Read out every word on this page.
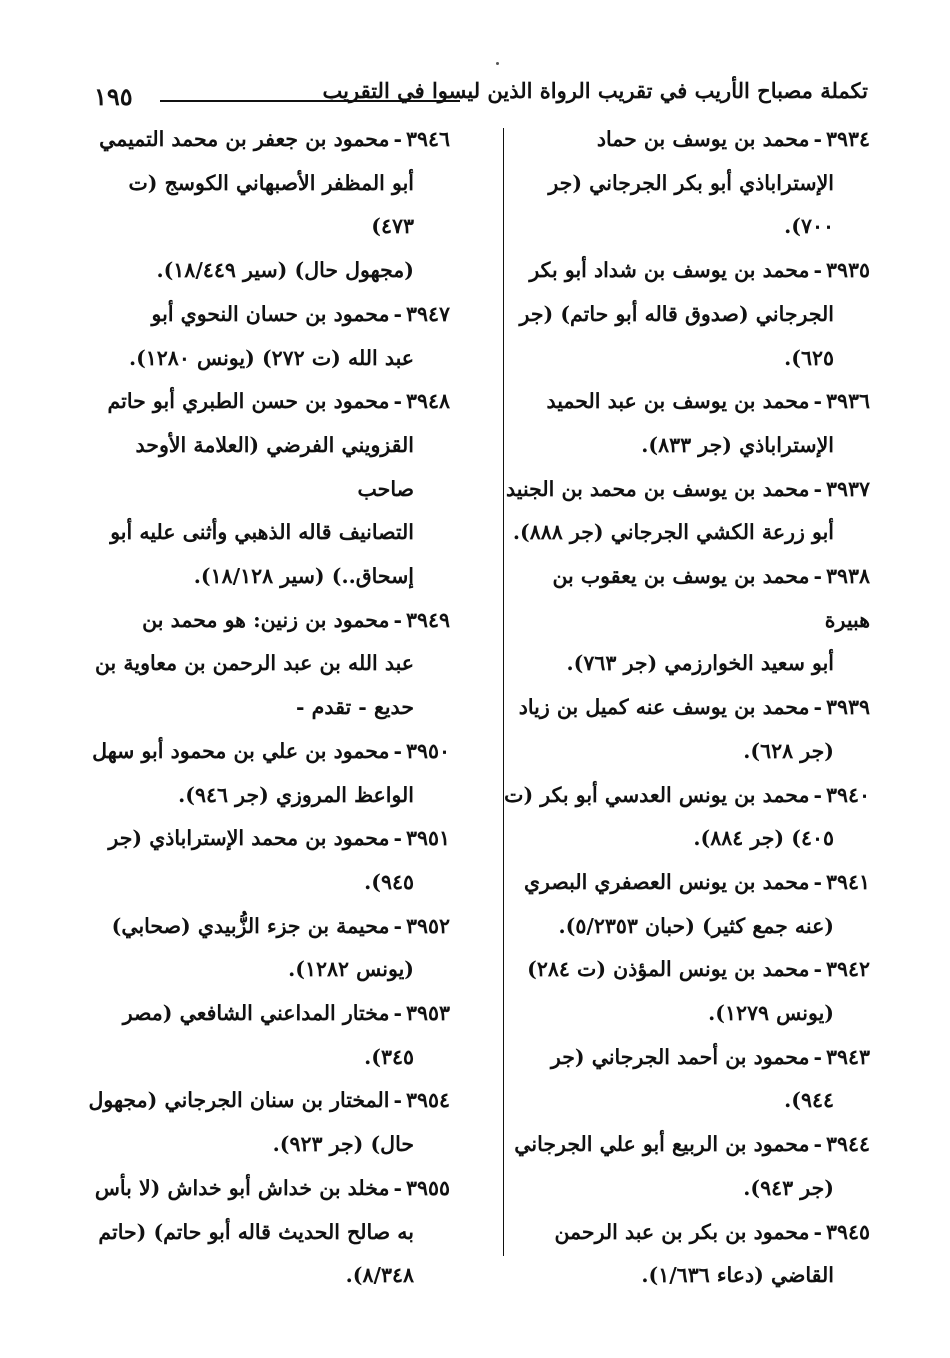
تكملة مصباح الأريب في تقريب الرواة الذين ليسوا في التقريب
١٩٥
٣٩٣٤-محمد بن يوسف بن حماد
الإستراباذي أبو بكر الجرجاني (جر ٧٠٠).
٣٩٣٥-محمد بن يوسف بن شداد أبو بكر
الجرجاني (صدوق قاله أبو حاتم) (جر
٦٢٥).
٣٩٣٦-محمد بن يوسف بن عبد الحميد
الإستراباذي (جر ٨٣٣).
٣٩٣٧-محمد بن يوسف بن محمد بن الجنيد
أبو زرعة الكشي الجرجاني (جر ٨٨٨).
٣٩٣٨-محمد بن يوسف بن يعقوب بن هبيرة
أبو سعيد الخوارزمي (جر ٧٦٣).
٣٩٣٩-محمد بن يوسف عنه كميل بن زياد
(جر ٦٢٨).
٣٩٤٠-محمد بن يونس العدسي أبو بكر (ت
٤٠٥) (جر ٨٨٤).
٣٩٤١-محمد بن يونس العصفري البصري
(عنه جمع كثير) (حبان ٥/٢٣٥٣).
٣٩٤٢-محمد بن يونس المؤذن (ت ٢٨٤)
(يونس ١٢٧٩).
٣٩٤٣-محمود بن أحمد الجرجاني (جر
٩٤٤).
٣٩٤٤-محمود بن الربيع أبو علي الجرجاني
(جر ٩٤٣).
٣٩٤٥-محمود بن بكر بن عبد الرحمن
القاضي (دعاء ١/٦٣٦).
٣٩٤٦-محمود بن جعفر بن محمد التميمي
أبو المظفر الأصبهاني الكوسج (ت ٤٧٣)
(مجهول حال) (سير ١٨/٤٤٩).
٣٩٤٧-محمود بن حسان النحوي أبو
عبد الله (ت ٢٧٢) (يونس ١٢٨٠).
٣٩٤٨-محمود بن حسن الطبري أبو حاتم
القزويني الفرضي (العلامة الأوحد صاحب
التصانيف قاله الذهبي وأثنى عليه أبو
إسحاق..) (سير ١٨/١٢٨).
٣٩٤٩-محمود بن زنين: هو محمد بن
عبد الله بن عبد الرحمن بن معاوية بن
حديع - تقدم -
٣٩٥٠-محمود بن علي بن محمود أبو سهل
الواعظ المروزي (جر ٩٤٦).
٣٩٥١-محمود بن محمد الإستراباذي (جر
٩٤٥).
٣٩٥٢-محيمة بن جزء الزُّبيدي (صحابي)
(يونس ١٢٨٢).
٣٩٥٣-مختار المداعني الشافعي (مصر
٣٤٥).
٣٩٥٤-المختار بن سنان الجرجاني (مجهول
حال) (جر ٩٢٣).
٣٩٥٥-مخلد بن خداش أبو خداش (لا بأس
به صالح الحديث قاله أبو حاتم) (حاتم
٨/٣٤٨).
